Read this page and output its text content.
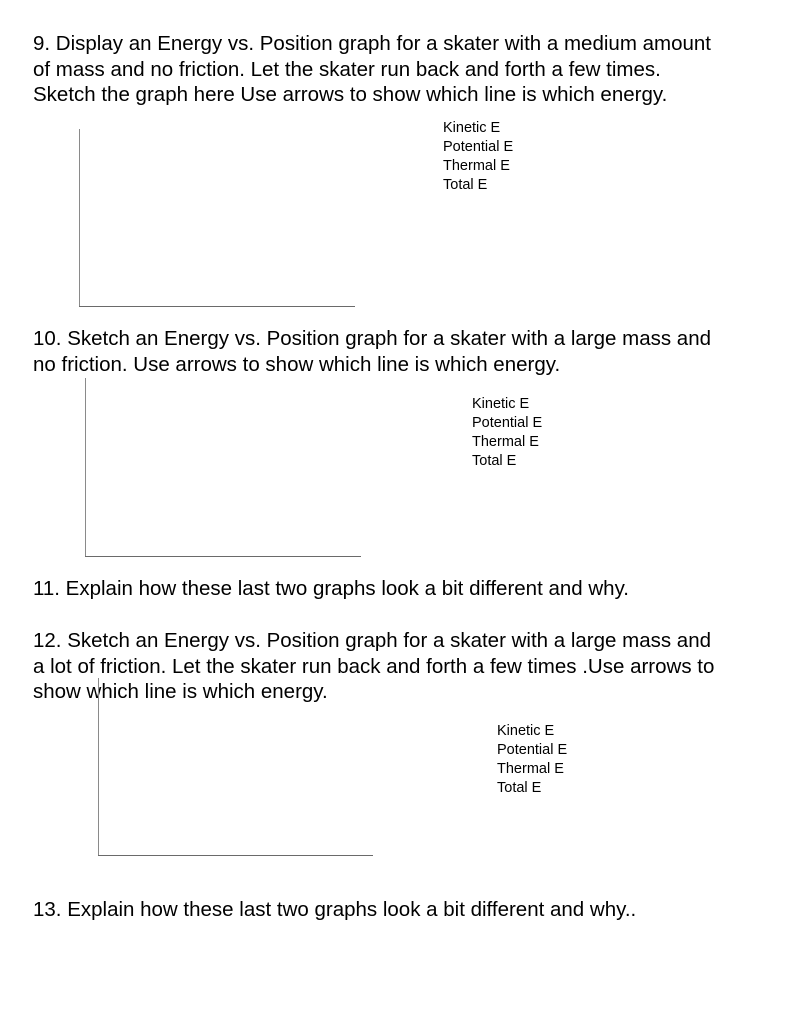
9. Display an Energy vs. Position graph for a skater with a medium amount

of mass and no friction. Let the skater run back and forth a few times.

Sketch the graph here Use arrows to show which line is which energy.

Kinetic E
Potential E
Thermal E
Total E

10. Sketch an Energy vs. Position graph for a skater with a large mass and

no friction. Use arrows to show which line is which energy.

Kinetic E
Potential E
Thermal E
Total E

11. Explain how these last two graphs look a bit different and why.

12. Sketch an Energy vs. Position graph for a skater with a large mass and

a lot of friction. Let the skater run back and forth a few times .Use arrows to

show which line is which energy.

Kinetic E
Potential E
Thermal E
Total E

13. Explain how these last two graphs look a bit different and why..
